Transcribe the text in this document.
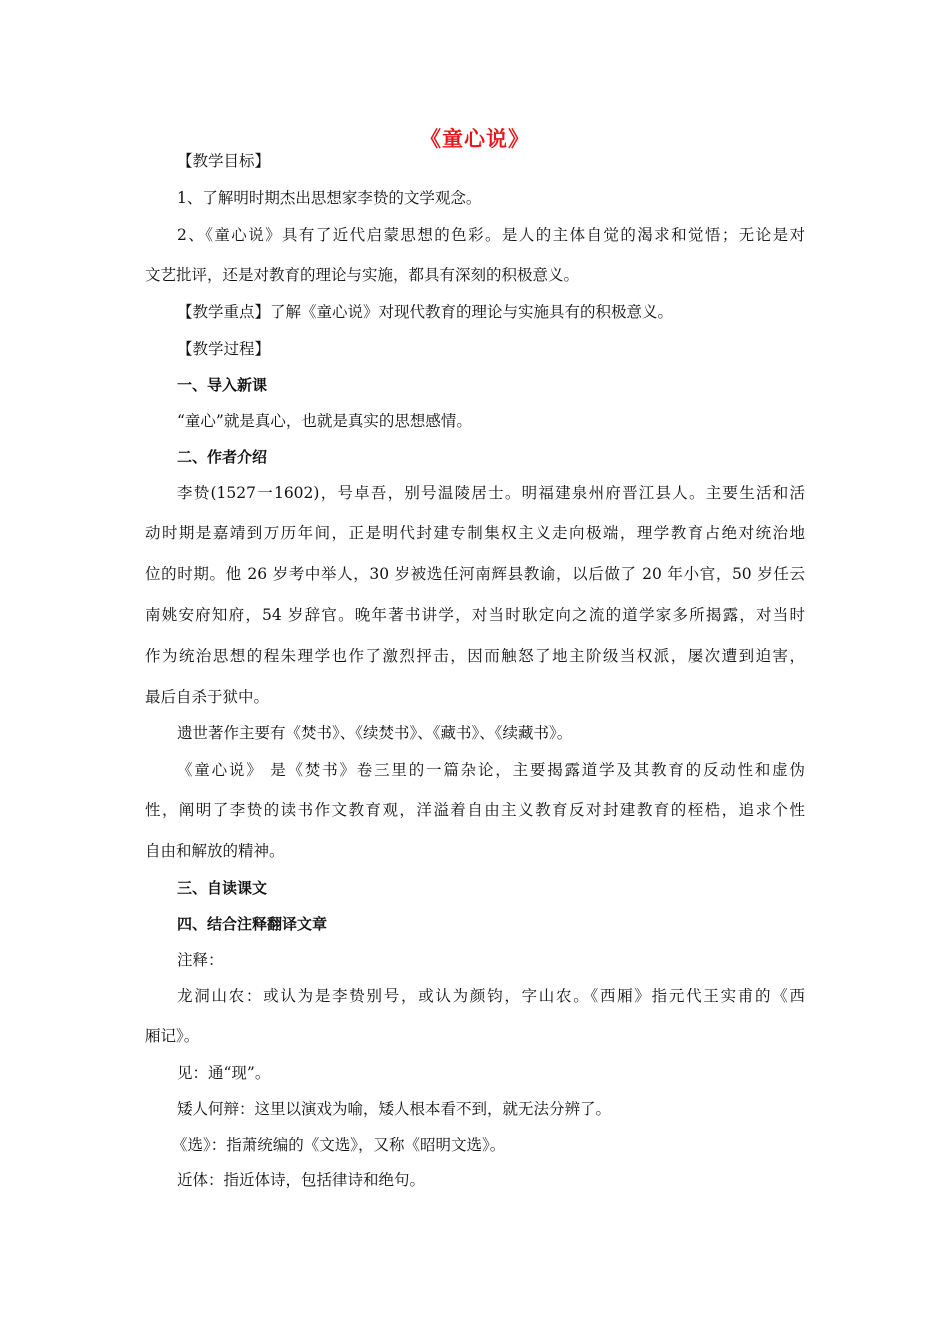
《童心说》
【教学目标】
1、了解明时期杰出思想家李贽的文学观念。
2、《童心说》具有了近代启蒙思想的色彩。是人的主体自觉的渴求和觉悟；无论是对
文艺批评，还是对教育的理论与实施，都具有深刻的积极意义。
【教学重点】了解《童心说》对现代教育的理论与实施具有的积极意义。
【教学过程】
一、导入新课
“童心”就是真心，也就是真实的思想感情。
二、作者介绍
李贽(1527一1602)，号卓吾，别号温陵居士。明福建泉州府晋江县人。主要生活和活
动时期是嘉靖到万历年间，正是明代封建专制集权主义走向极端，理学教育占绝对统治地
位的时期。他 26 岁考中举人，30 岁被选任河南辉县教谕，以后做了 20 年小官，50 岁任云
南姚安府知府，54 岁辞官。晚年著书讲学，对当时耿定向之流的道学家多所揭露，对当时
作为统治思想的程朱理学也作了激烈抨击，因而触怒了地主阶级当权派，屡次遭到迫害，
最后自杀于狱中。
遗世著作主要有《焚书》、《续焚书》、《藏书》、《续藏书》。
《童心说》 是《焚书》卷三里的一篇杂论，主要揭露道学及其教育的反动性和虚伪
性，阐明了李贽的读书作文教育观，洋溢着自由主义教育反对封建教育的桎梏，追求个性
自由和解放的精神。
三、自读课文
四、结合注释翻译文章
注释：
龙洞山农：或认为是李贽别号，或认为颜钧，字山农。《西厢》指元代王实甫的《西
厢记》。
见：通“现”。
矮人何辩：这里以演戏为喻，矮人根本看不到，就无法分辨了。
《选》：指萧统编的《文选》，又称《昭明文选》。
近体：指近体诗，包括律诗和绝句。
